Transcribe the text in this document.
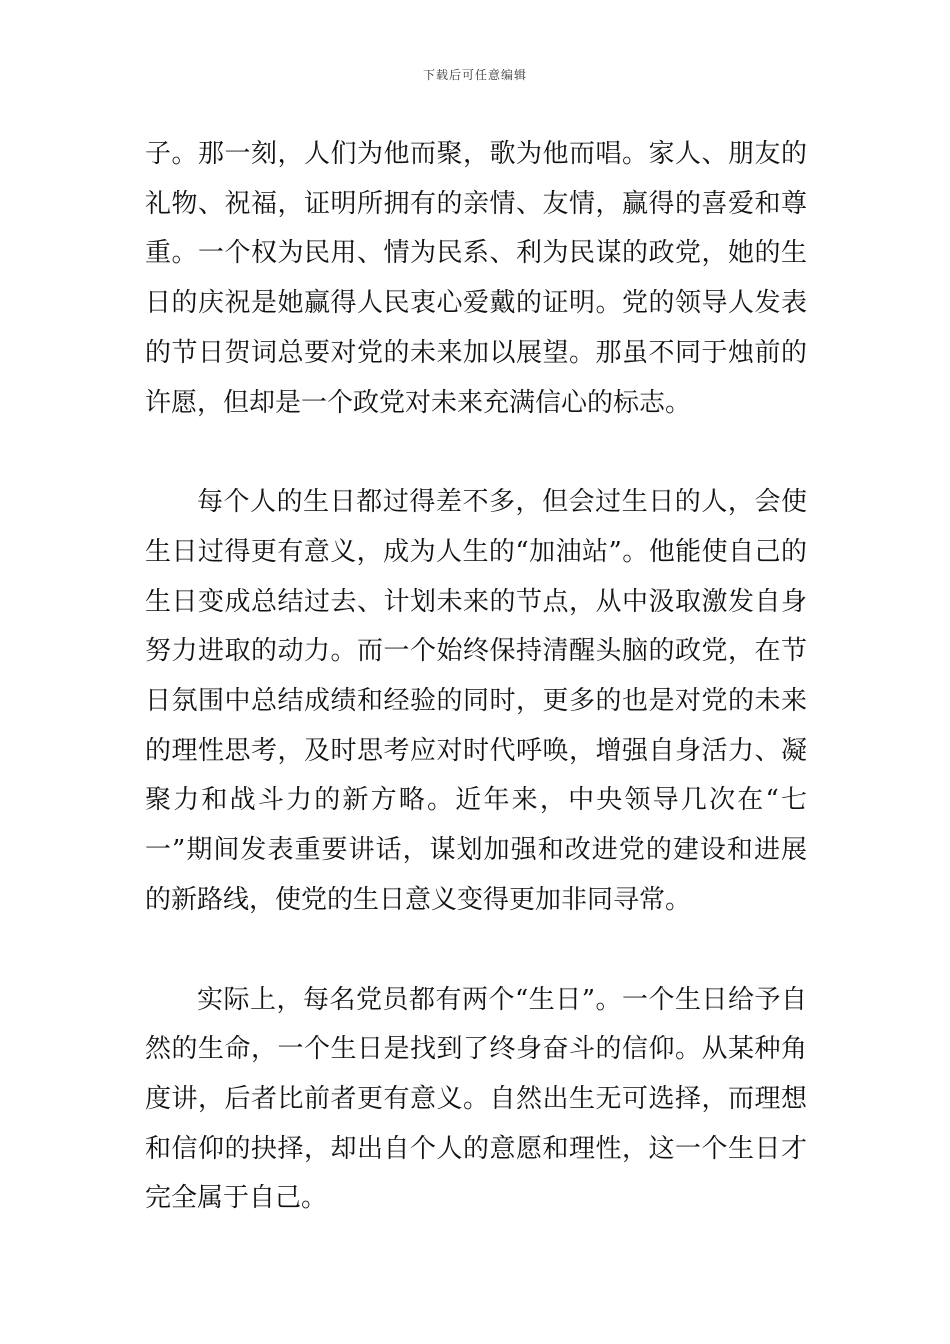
下载后可任意编辑

子。那一刻，人们为他而聚，歌为他而唱。家人、朋友的礼物、祝福，证明所拥有的亲情、友情，赢得的喜爱和尊重。一个权为民用、情为民系、利为民谋的政党，她的生日的庆祝是她赢得人民衷心爱戴的证明。党的领导人发表的节日贺词总要对党的未来加以展望。那虽不同于烛前的许愿，但却是一个政党对未来充满信心的标志。

每个人的生日都过得差不多，但会过生日的人，会使生日过得更有意义，成为人生的“加油站”。他能使自己的生日变成总结过去、计划未来的节点，从中汲取激发自身努力进取的动力。而一个始终保持清醒头脑的政党，在节日氛围中总结成绩和经验的同时，更多的也是对党的未来的理性思考，及时思考应对时代呼唤，增强自身活力、凝聚力和战斗力的新方略。近年来，中央领导几次在“七一”期间发表重要讲话，谋划加强和改进党的建设和进展的新路线，使党的生日意义变得更加非同寻常。

实际上，每名党员都有两个“生日”。一个生日给予自然的生命，一个生日是找到了终身奋斗的信仰。从某种角度讲，后者比前者更有意义。自然出生无可选择，而理想和信仰的抉择，却出自个人的意愿和理性，这一个生日才完全属于自己。
